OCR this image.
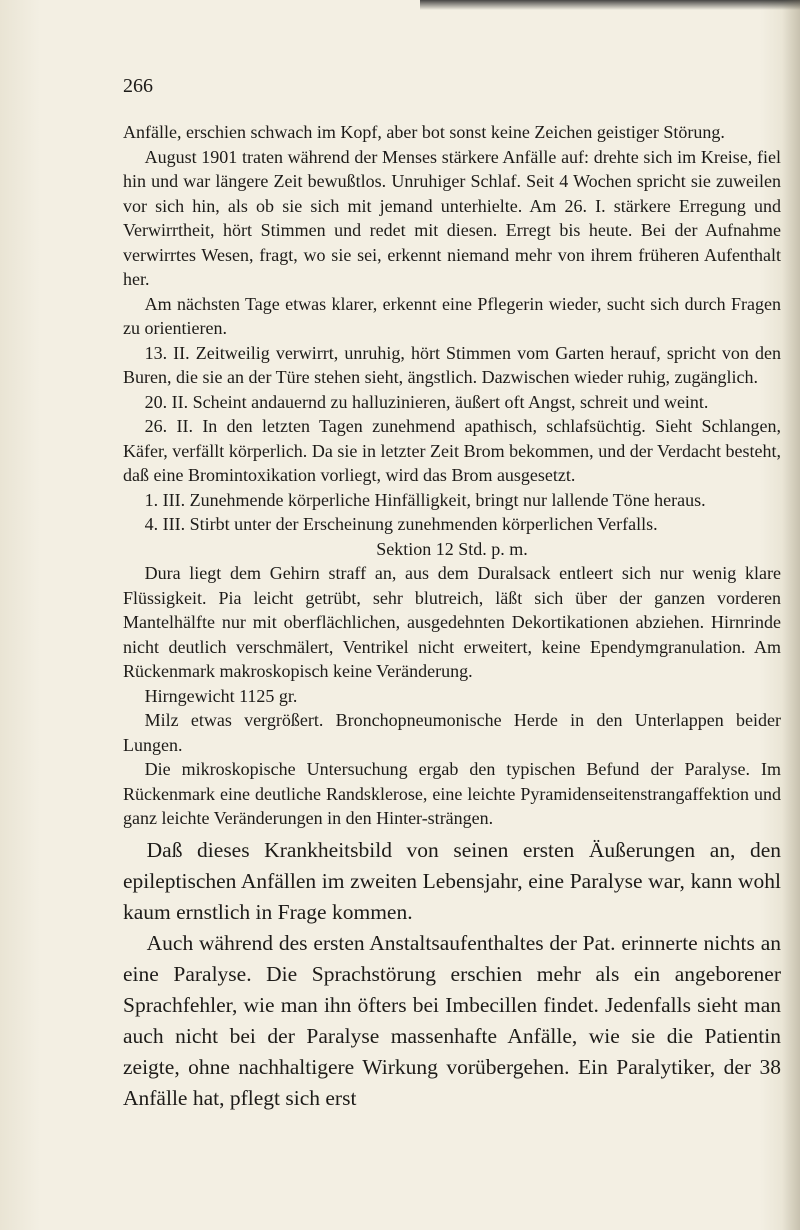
266

Anfälle, erschien schwach im Kopf, aber bot sonst keine Zeichen geistiger Störung.

August 1901 traten während der Menses stärkere Anfälle auf: drehte sich im Kreise, fiel hin und war längere Zeit bewußtlos. Unruhiger Schlaf. Seit 4 Wochen spricht sie zuweilen vor sich hin, als ob sie sich mit jemand unterhielte. Am 26. I. stärkere Erregung und Verwirrtheit, hört Stimmen und redet mit diesen. Erregt bis heute. Bei der Aufnahme verwirrtes Wesen, fragt, wo sie sei, erkennt niemand mehr von ihrem früheren Aufenthalt her.

Am nächsten Tage etwas klarer, erkennt eine Pflegerin wieder, sucht sich durch Fragen zu orientieren.

13. II. Zeitweilig verwirrt, unruhig, hört Stimmen vom Garten herauf, spricht von den Buren, die sie an der Türe stehen sieht, ängstlich. Dazwischen wieder ruhig, zugänglich.

20. II. Scheint andauernd zu halluzinieren, äußert oft Angst, schreit und weint.

26. II. In den letzten Tagen zunehmend apathisch, schlafsüchtig. Sieht Schlangen, Käfer, verfällt körperlich. Da sie in letzter Zeit Brom bekommen, und der Verdacht besteht, daß eine Bromintoxikation vorliegt, wird das Brom ausgesetzt.

1. III. Zunehmende körperliche Hinfälligkeit, bringt nur lallende Töne heraus.

4. III. Stirbt unter der Erscheinung zunehmenden körperlichen Verfalls.

Sektion 12 Std. p. m.

Dura liegt dem Gehirn straff an, aus dem Duralsack entleert sich nur wenig klare Flüssigkeit. Pia leicht getrübt, sehr blutreich, läßt sich über der ganzen vorderen Mantelhälfte nur mit oberflächlichen, ausgedehnten Dekortikationen abziehen. Hirnrinde nicht deutlich verschmälert, Ventrikel nicht erweitert, keine Ependymgranulation. Am Rückenmark makroskopisch keine Veränderung.

Hirngewicht 1125 gr.

Milz etwas vergrößert. Bronchopneumonische Herde in den Unterlappen beider Lungen.

Die mikroskopische Untersuchung ergab den typischen Befund der Paralyse. Im Rückenmark eine deutliche Randsklerose, eine leichte Pyramidenseitenstrangaffektion und ganz leichte Veränderungen in den Hinter-strängen.

Daß dieses Krankheitsbild von seinen ersten Äußerungen an, den epileptischen Anfällen im zweiten Lebensjahr, eine Paralyse war, kann wohl kaum ernstlich in Frage kommen.

Auch während des ersten Anstaltsaufenthaltes der Pat. erinnerte nichts an eine Paralyse. Die Sprachstörung erschien mehr als ein angeborener Sprachfehler, wie man ihn öfters bei Imbecillen findet. Jedenfalls sieht man auch nicht bei der Paralyse massenhafte Anfälle, wie sie die Patientin zeigte, ohne nachhaltigere Wirkung vorübergehen. Ein Paralytiker, der 38 Anfälle hat, pflegt sich erst
